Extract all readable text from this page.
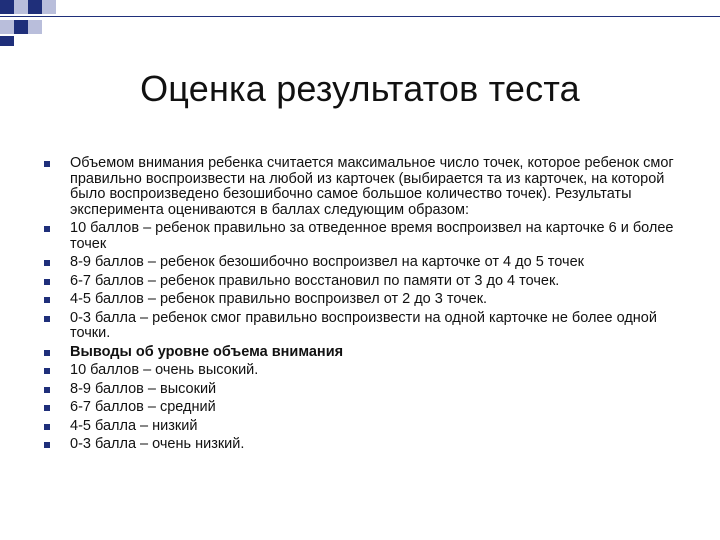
Оценка результатов теста
Объемом внимания ребенка считается максимальное число точек, которое ребенок смог правильно воспроизвести на любой из карточек (выбирается та из карточек, на которой было воспроизведено безошибочно самое большое количество точек). Результаты эксперимента оцениваются в баллах следующим образом:
10 баллов – ребенок правильно за отведенное время воспроизвел на карточке 6 и более точек
8-9 баллов – ребенок безошибочно воспроизвел на карточке от 4 до 5 точек
6-7 баллов – ребенок правильно восстановил по памяти от 3 до 4 точек.
4-5 баллов – ребенок правильно воспроизвел от 2 до 3 точек.
0-3 балла – ребенок смог правильно воспроизвести на одной карточке не более одной точки.
Выводы об уровне объема внимания
10 баллов – очень высокий.
8-9 баллов – высокий
6-7 баллов – средний
4-5 балла – низкий
0-3 балла – очень низкий.
